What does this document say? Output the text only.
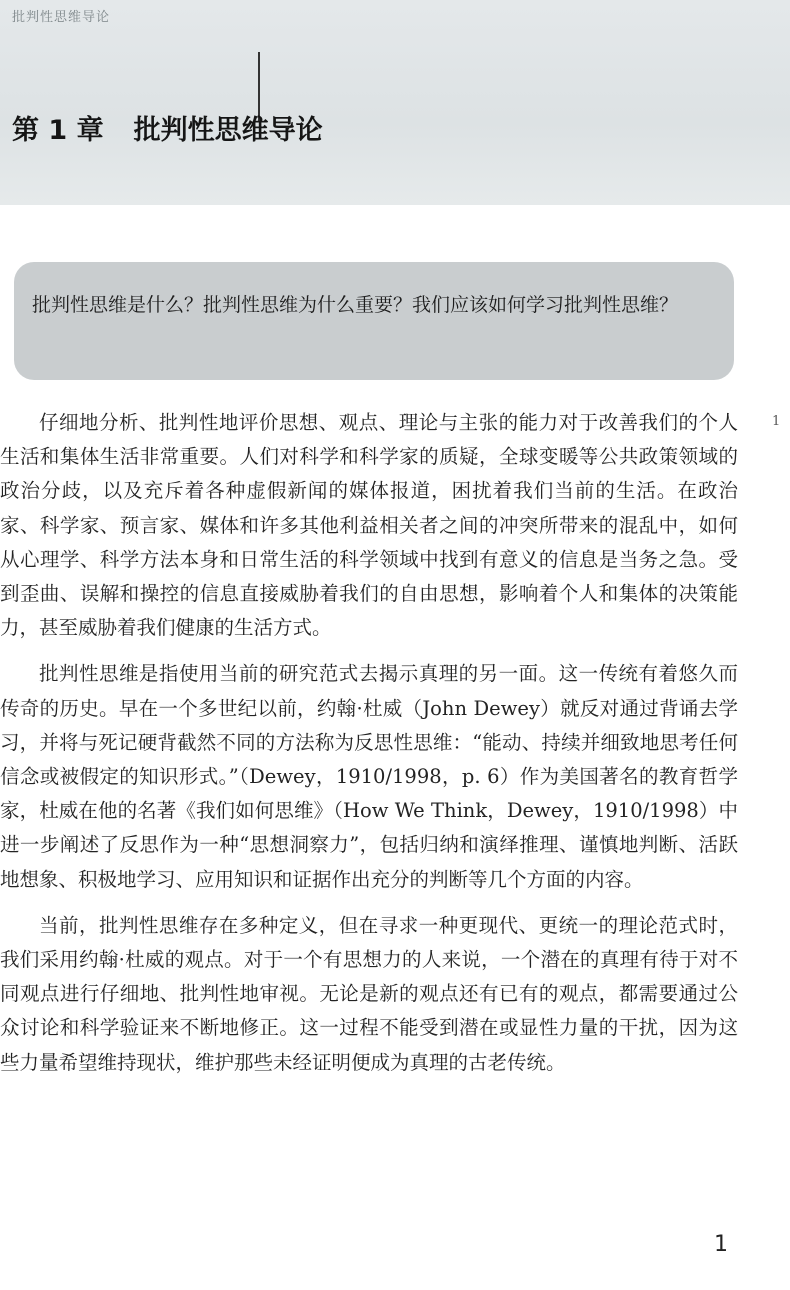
批判性思维导论
第 1 章 批判性思维导论

批判性思维是什么？批判性思维为什么重要？我们应该如何学习批判性思维？

1

仔细地分析、批判性地评价思想、观点、理论与主张的能力对于改善我们的个人生活和集体生活非常重要。人们对科学和科学家的质疑，全球变暖等公共政策领域的政治分歧，以及充斥着各种虚假新闻的媒体报道，困扰着我们当前的生活。在政治家、科学家、预言家、媒体和许多其他利益相关者之间的冲突所带来的混乱中，如何从心理学、科学方法本身和日常生活的科学领域中找到有意义的信息是当务之急。受到歪曲、误解和操控的信息直接威胁着我们的自由思想，影响着个人和集体的决策能力，甚至威胁着我们健康的生活方式。

批判性思维是指使用当前的研究范式去揭示真理的另一面。这一传统有着悠久而传奇的历史。早在一个多世纪以前，约翰·杜威（John Dewey）就反对通过背诵去学习，并将与死记硬背截然不同的方法称为反思性思维：“能动、持续并细致地思考任何信念或被假定的知识形式。”（Dewey，1910/1998，p. 6）作为美国著名的教育哲学家，杜威在他的名著《我们如何思维》（How We Think，Dewey，1910/1998）中进一步阐述了反思作为一种“思想洞察力”，包括归纳和演绎推理、谨慎地判断、活跃地想象、积极地学习、应用知识和证据作出充分的判断等几个方面的内容。

当前，批判性思维存在多种定义，但在寻求一种更现代、更统一的理论范式时，我们采用约翰·杜威的观点。对于一个有思想力的人来说，一个潜在的真理有待于对不同观点进行仔细地、批判性地审视。无论是新的观点还有已有的观点，都需要通过公众讨论和科学验证来不断地修正。这一过程不能受到潜在或显性力量的干扰，因为这些力量希望维持现状，维护那些未经证明便成为真理的古老传统。

1
